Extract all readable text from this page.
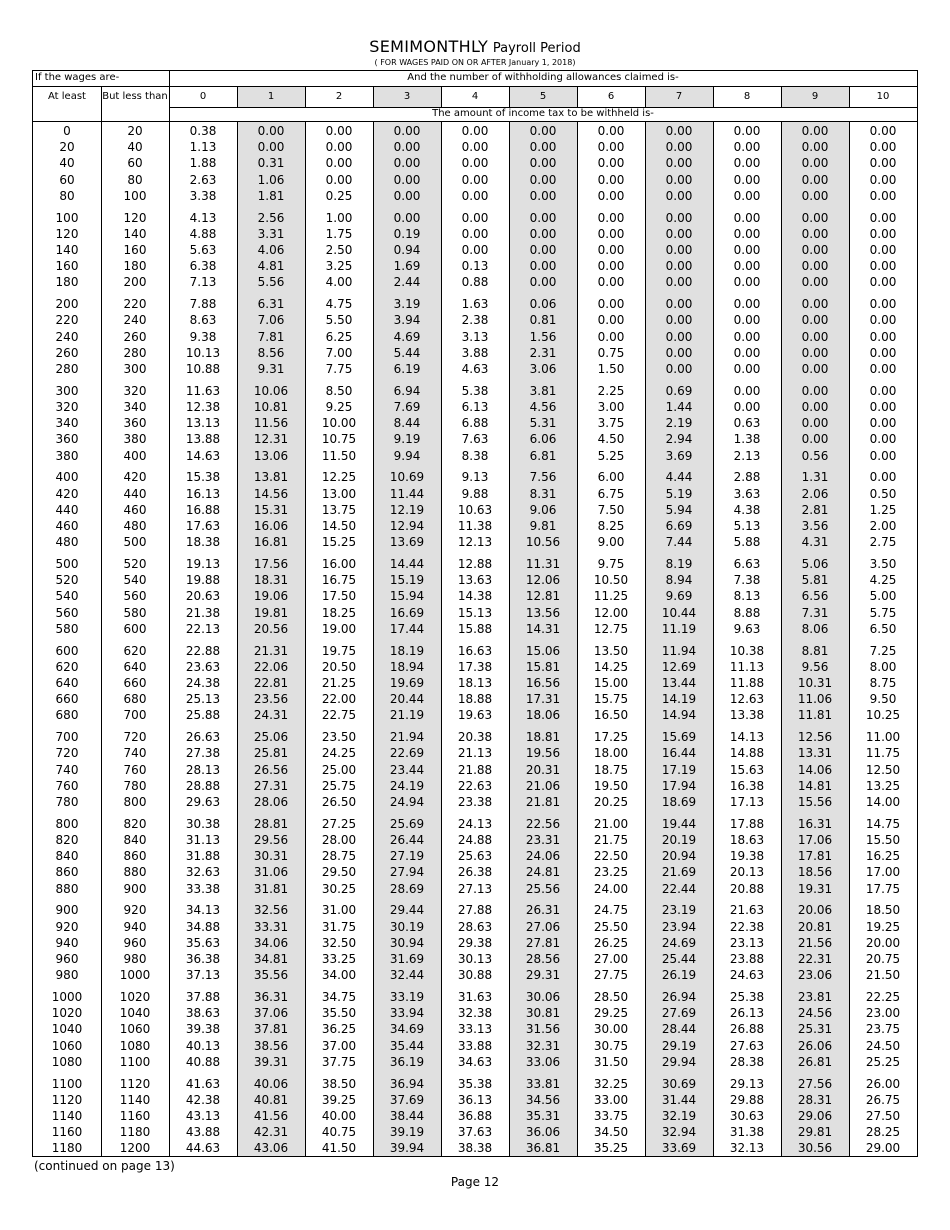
SEMIMONTHLY Payroll Period
( FOR WAGES PAID ON OR AFTER January 1, 2018)
If the wages are-	And the number of withholding allowances claimed is-
At least	But less than	0	1	2	3	4	5	6	7	8	9	10
The amount of income tax to be withheld is-
0	20	0.38	0.00	0.00	0.00	0.00	0.00	0.00	0.00	0.00	0.00	0.00
20	40	1.13	0.00	0.00	0.00	0.00	0.00	0.00	0.00	0.00	0.00	0.00
40	60	1.88	0.31	0.00	0.00	0.00	0.00	0.00	0.00	0.00	0.00	0.00
60	80	2.63	1.06	0.00	0.00	0.00	0.00	0.00	0.00	0.00	0.00	0.00
80	100	3.38	1.81	0.25	0.00	0.00	0.00	0.00	0.00	0.00	0.00	0.00
100	120	4.13	2.56	1.00	0.00	0.00	0.00	0.00	0.00	0.00	0.00	0.00
120	140	4.88	3.31	1.75	0.19	0.00	0.00	0.00	0.00	0.00	0.00	0.00
140	160	5.63	4.06	2.50	0.94	0.00	0.00	0.00	0.00	0.00	0.00	0.00
160	180	6.38	4.81	3.25	1.69	0.13	0.00	0.00	0.00	0.00	0.00	0.00
180	200	7.13	5.56	4.00	2.44	0.88	0.00	0.00	0.00	0.00	0.00	0.00
200	220	7.88	6.31	4.75	3.19	1.63	0.06	0.00	0.00	0.00	0.00	0.00
220	240	8.63	7.06	5.50	3.94	2.38	0.81	0.00	0.00	0.00	0.00	0.00
240	260	9.38	7.81	6.25	4.69	3.13	1.56	0.00	0.00	0.00	0.00	0.00
260	280	10.13	8.56	7.00	5.44	3.88	2.31	0.75	0.00	0.00	0.00	0.00
280	300	10.88	9.31	7.75	6.19	4.63	3.06	1.50	0.00	0.00	0.00	0.00
300	320	11.63	10.06	8.50	6.94	5.38	3.81	2.25	0.69	0.00	0.00	0.00
320	340	12.38	10.81	9.25	7.69	6.13	4.56	3.00	1.44	0.00	0.00	0.00
340	360	13.13	11.56	10.00	8.44	6.88	5.31	3.75	2.19	0.63	0.00	0.00
360	380	13.88	12.31	10.75	9.19	7.63	6.06	4.50	2.94	1.38	0.00	0.00
380	400	14.63	13.06	11.50	9.94	8.38	6.81	5.25	3.69	2.13	0.56	0.00
400	420	15.38	13.81	12.25	10.69	9.13	7.56	6.00	4.44	2.88	1.31	0.00
420	440	16.13	14.56	13.00	11.44	9.88	8.31	6.75	5.19	3.63	2.06	0.50
440	460	16.88	15.31	13.75	12.19	10.63	9.06	7.50	5.94	4.38	2.81	1.25
460	480	17.63	16.06	14.50	12.94	11.38	9.81	8.25	6.69	5.13	3.56	2.00
480	500	18.38	16.81	15.25	13.69	12.13	10.56	9.00	7.44	5.88	4.31	2.75
500	520	19.13	17.56	16.00	14.44	12.88	11.31	9.75	8.19	6.63	5.06	3.50
520	540	19.88	18.31	16.75	15.19	13.63	12.06	10.50	8.94	7.38	5.81	4.25
540	560	20.63	19.06	17.50	15.94	14.38	12.81	11.25	9.69	8.13	6.56	5.00
560	580	21.38	19.81	18.25	16.69	15.13	13.56	12.00	10.44	8.88	7.31	5.75
580	600	22.13	20.56	19.00	17.44	15.88	14.31	12.75	11.19	9.63	8.06	6.50
600	620	22.88	21.31	19.75	18.19	16.63	15.06	13.50	11.94	10.38	8.81	7.25
620	640	23.63	22.06	20.50	18.94	17.38	15.81	14.25	12.69	11.13	9.56	8.00
640	660	24.38	22.81	21.25	19.69	18.13	16.56	15.00	13.44	11.88	10.31	8.75
660	680	25.13	23.56	22.00	20.44	18.88	17.31	15.75	14.19	12.63	11.06	9.50
680	700	25.88	24.31	22.75	21.19	19.63	18.06	16.50	14.94	13.38	11.81	10.25
700	720	26.63	25.06	23.50	21.94	20.38	18.81	17.25	15.69	14.13	12.56	11.00
720	740	27.38	25.81	24.25	22.69	21.13	19.56	18.00	16.44	14.88	13.31	11.75
740	760	28.13	26.56	25.00	23.44	21.88	20.31	18.75	17.19	15.63	14.06	12.50
760	780	28.88	27.31	25.75	24.19	22.63	21.06	19.50	17.94	16.38	14.81	13.25
780	800	29.63	28.06	26.50	24.94	23.38	21.81	20.25	18.69	17.13	15.56	14.00
800	820	30.38	28.81	27.25	25.69	24.13	22.56	21.00	19.44	17.88	16.31	14.75
820	840	31.13	29.56	28.00	26.44	24.88	23.31	21.75	20.19	18.63	17.06	15.50
840	860	31.88	30.31	28.75	27.19	25.63	24.06	22.50	20.94	19.38	17.81	16.25
860	880	32.63	31.06	29.50	27.94	26.38	24.81	23.25	21.69	20.13	18.56	17.00
880	900	33.38	31.81	30.25	28.69	27.13	25.56	24.00	22.44	20.88	19.31	17.75
900	920	34.13	32.56	31.00	29.44	27.88	26.31	24.75	23.19	21.63	20.06	18.50
920	940	34.88	33.31	31.75	30.19	28.63	27.06	25.50	23.94	22.38	20.81	19.25
940	960	35.63	34.06	32.50	30.94	29.38	27.81	26.25	24.69	23.13	21.56	20.00
960	980	36.38	34.81	33.25	31.69	30.13	28.56	27.00	25.44	23.88	22.31	20.75
980	1000	37.13	35.56	34.00	32.44	30.88	29.31	27.75	26.19	24.63	23.06	21.50
1000	1020	37.88	36.31	34.75	33.19	31.63	30.06	28.50	26.94	25.38	23.81	22.25
1020	1040	38.63	37.06	35.50	33.94	32.38	30.81	29.25	27.69	26.13	24.56	23.00
1040	1060	39.38	37.81	36.25	34.69	33.13	31.56	30.00	28.44	26.88	25.31	23.75
1060	1080	40.13	38.56	37.00	35.44	33.88	32.31	30.75	29.19	27.63	26.06	24.50
1080	1100	40.88	39.31	37.75	36.19	34.63	33.06	31.50	29.94	28.38	26.81	25.25
1100	1120	41.63	40.06	38.50	36.94	35.38	33.81	32.25	30.69	29.13	27.56	26.00
1120	1140	42.38	40.81	39.25	37.69	36.13	34.56	33.00	31.44	29.88	28.31	26.75
1140	1160	43.13	41.56	40.00	38.44	36.88	35.31	33.75	32.19	30.63	29.06	27.50
1160	1180	43.88	42.31	40.75	39.19	37.63	36.06	34.50	32.94	31.38	29.81	28.25
1180	1200	44.63	43.06	41.50	39.94	38.38	36.81	35.25	33.69	32.13	30.56	29.00
(continued on page 13)
Page 12
